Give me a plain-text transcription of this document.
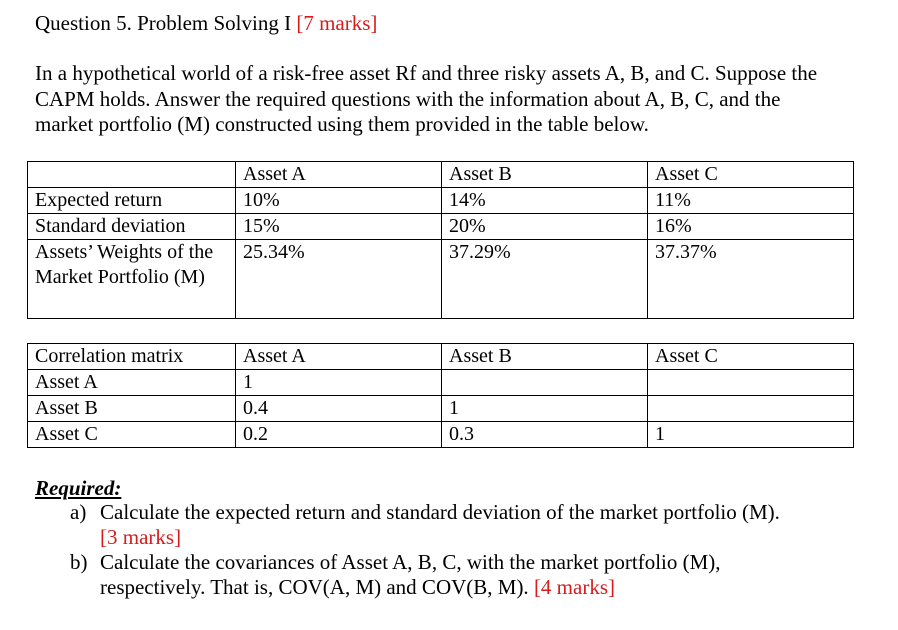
Question 5. Problem Solving I [7 marks]

In a hypothetical world of a risk-free asset Rf and three risky assets A, B, and C. Suppose the

CAPM holds. Answer the required questions with the information about A, B, C, and the

market portfolio (M) constructed using them provided in the table below.

	Asset A	Asset B	Asset C
Expected return	10%	14%	11%
Standard deviation	15%	20%	16%
Assets’ Weights of the Market Portfolio (M)	25.34%	37.29%	37.37%
Correlation matrix	Asset A	Asset B	Asset C
Asset A	1		
Asset B	0.4	1	
Asset C	0.2	0.3	1
Required:
a) Calculate the expected return and standard deviation of the market portfolio (M).
[3 marks]
b) Calculate the covariances of Asset A, B, C, with the market portfolio (M),
respectively. That is, COV(A, M) and COV(B, M). [4 marks]
